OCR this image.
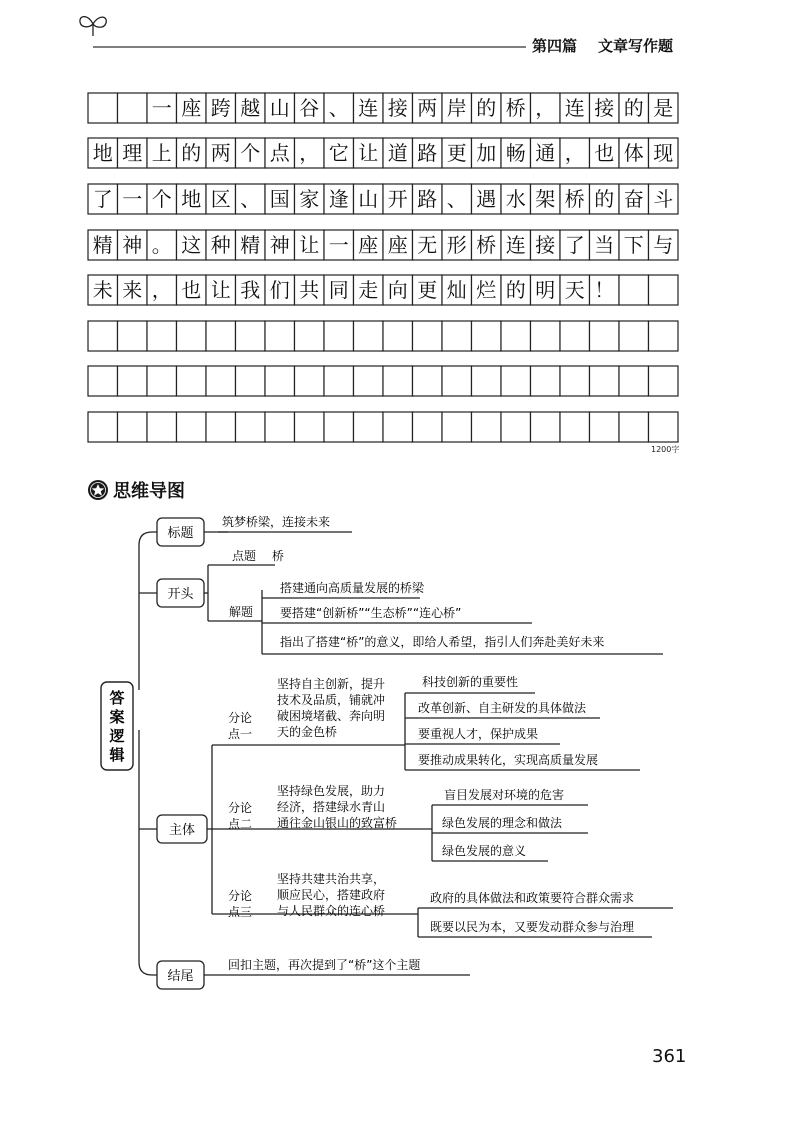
第四篇 文章写作题
一 座 跨 越 山 谷 、 连 接 两 岸 的 桥 ， 连 接 的 是
地 理 上 的 两 个 点 ， 它 让 道 路 更 加 畅 通 ， 也 体 现
了 一 个 地 区 、 国 家 逢 山 开 路 、 遇 水 架 桥 的 奋 斗
精 神 。 这 种 精 神 让 一 座 座 无 形 桥 连 接 了 当 下 与
未 来 ， 也 让 我 们 共 同 走 向 更 灿 烂 的 明 天 ！
1200字
思维导图
答
案
逻
辑
标题
筑梦桥梁，连接未来
开头
点题 桥
解题
搭建通向高质量发展的桥梁
要搭建“创新桥”“生态桥”“连心桥”
指出了搭建“桥”的意义，即给人希望，指引人们奔赴美好未来
主体
分论
点一
坚持自主创新，提升
技术及品质，铺就冲
破困境堵截、奔向明
天的金色桥
科技创新的重要性
改革创新、自主研发的具体做法
要重视人才，保护成果
要推动成果转化，实现高质量发展
分论
点二
坚持绿色发展，助力
经济，搭建绿水青山
通往金山银山的致富桥
盲目发展对环境的危害
绿色发展的理念和做法
绿色发展的意义
分论
点三
坚持共建共治共享，
顺应民心，搭建政府
与人民群众的连心桥
政府的具体做法和政策要符合群众需求
既要以民为本，又要发动群众参与治理
结尾
回扣主题，再次提到了“桥”这个主题
361
